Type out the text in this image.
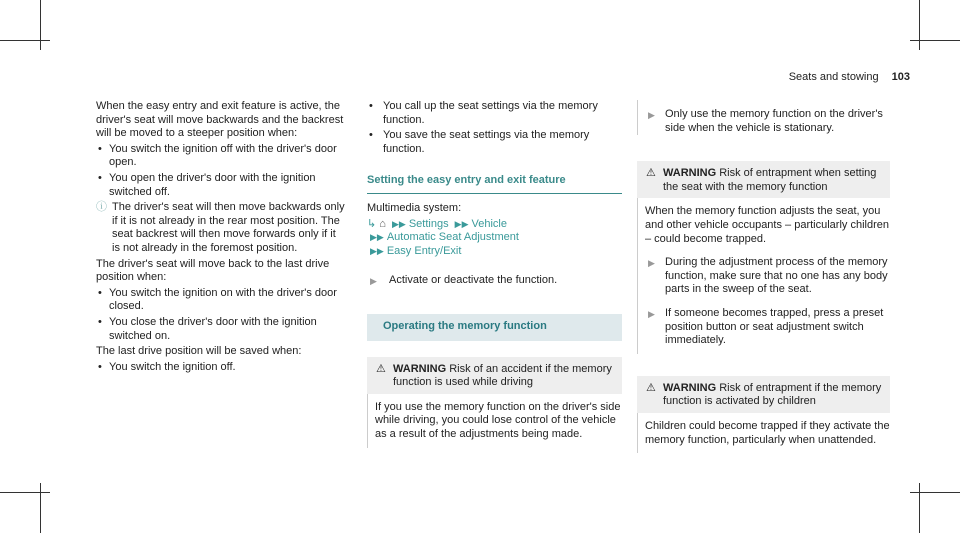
Seats and stowing 103

When the easy entry and exit feature is active, the driver's seat will move backwards and the backrest will be moved to a steeper position when:

• You switch the ignition off with the driver's door open.
• You open the driver's door with the ignition switched off.
ⓘ The driver's seat will then move backwards only if it is not already in the rear most position. The seat backrest will then move forwards only if it is not already in the foremost position.

The driver's seat will move back to the last drive position when:

• You switch the ignition on with the driver's door closed.
• You close the driver's door with the ignition switched on.

The last drive position will be saved when:

• You switch the ignition off.
• You call up the seat settings via the memory function.
• You save the seat settings via the memory function.
Setting the easy entry and exit feature

Multimedia system:

↳ ⌂ ▶▶ Settings ▶▶ Vehicle
▶▶ Automatic Seat Adjustment
▶▶ Easy Entry/Exit
▶ Activate or deactivate the function.
Operating the memory function
⚠ WARNING Risk of an accident if the memory function is used while driving
If you use the memory function on the driver's side while driving, you could lose control of the vehicle as a result of the adjustments being made.
▶ Only use the memory function on the driver's side when the vehicle is stationary.
⚠ WARNING Risk of entrapment when setting the seat with the memory function
When the memory function adjusts the seat, you and other vehicle occupants – particularly children – could become trapped.
▶ During the adjustment process of the memory function, make sure that no one has any body parts in the sweep of the seat.
▶ If someone becomes trapped, press a preset position button or seat adjustment switch immediately.
⚠ WARNING Risk of entrapment if the memory function is activated by children
Children could become trapped if they activate the memory function, particularly when unattended.
